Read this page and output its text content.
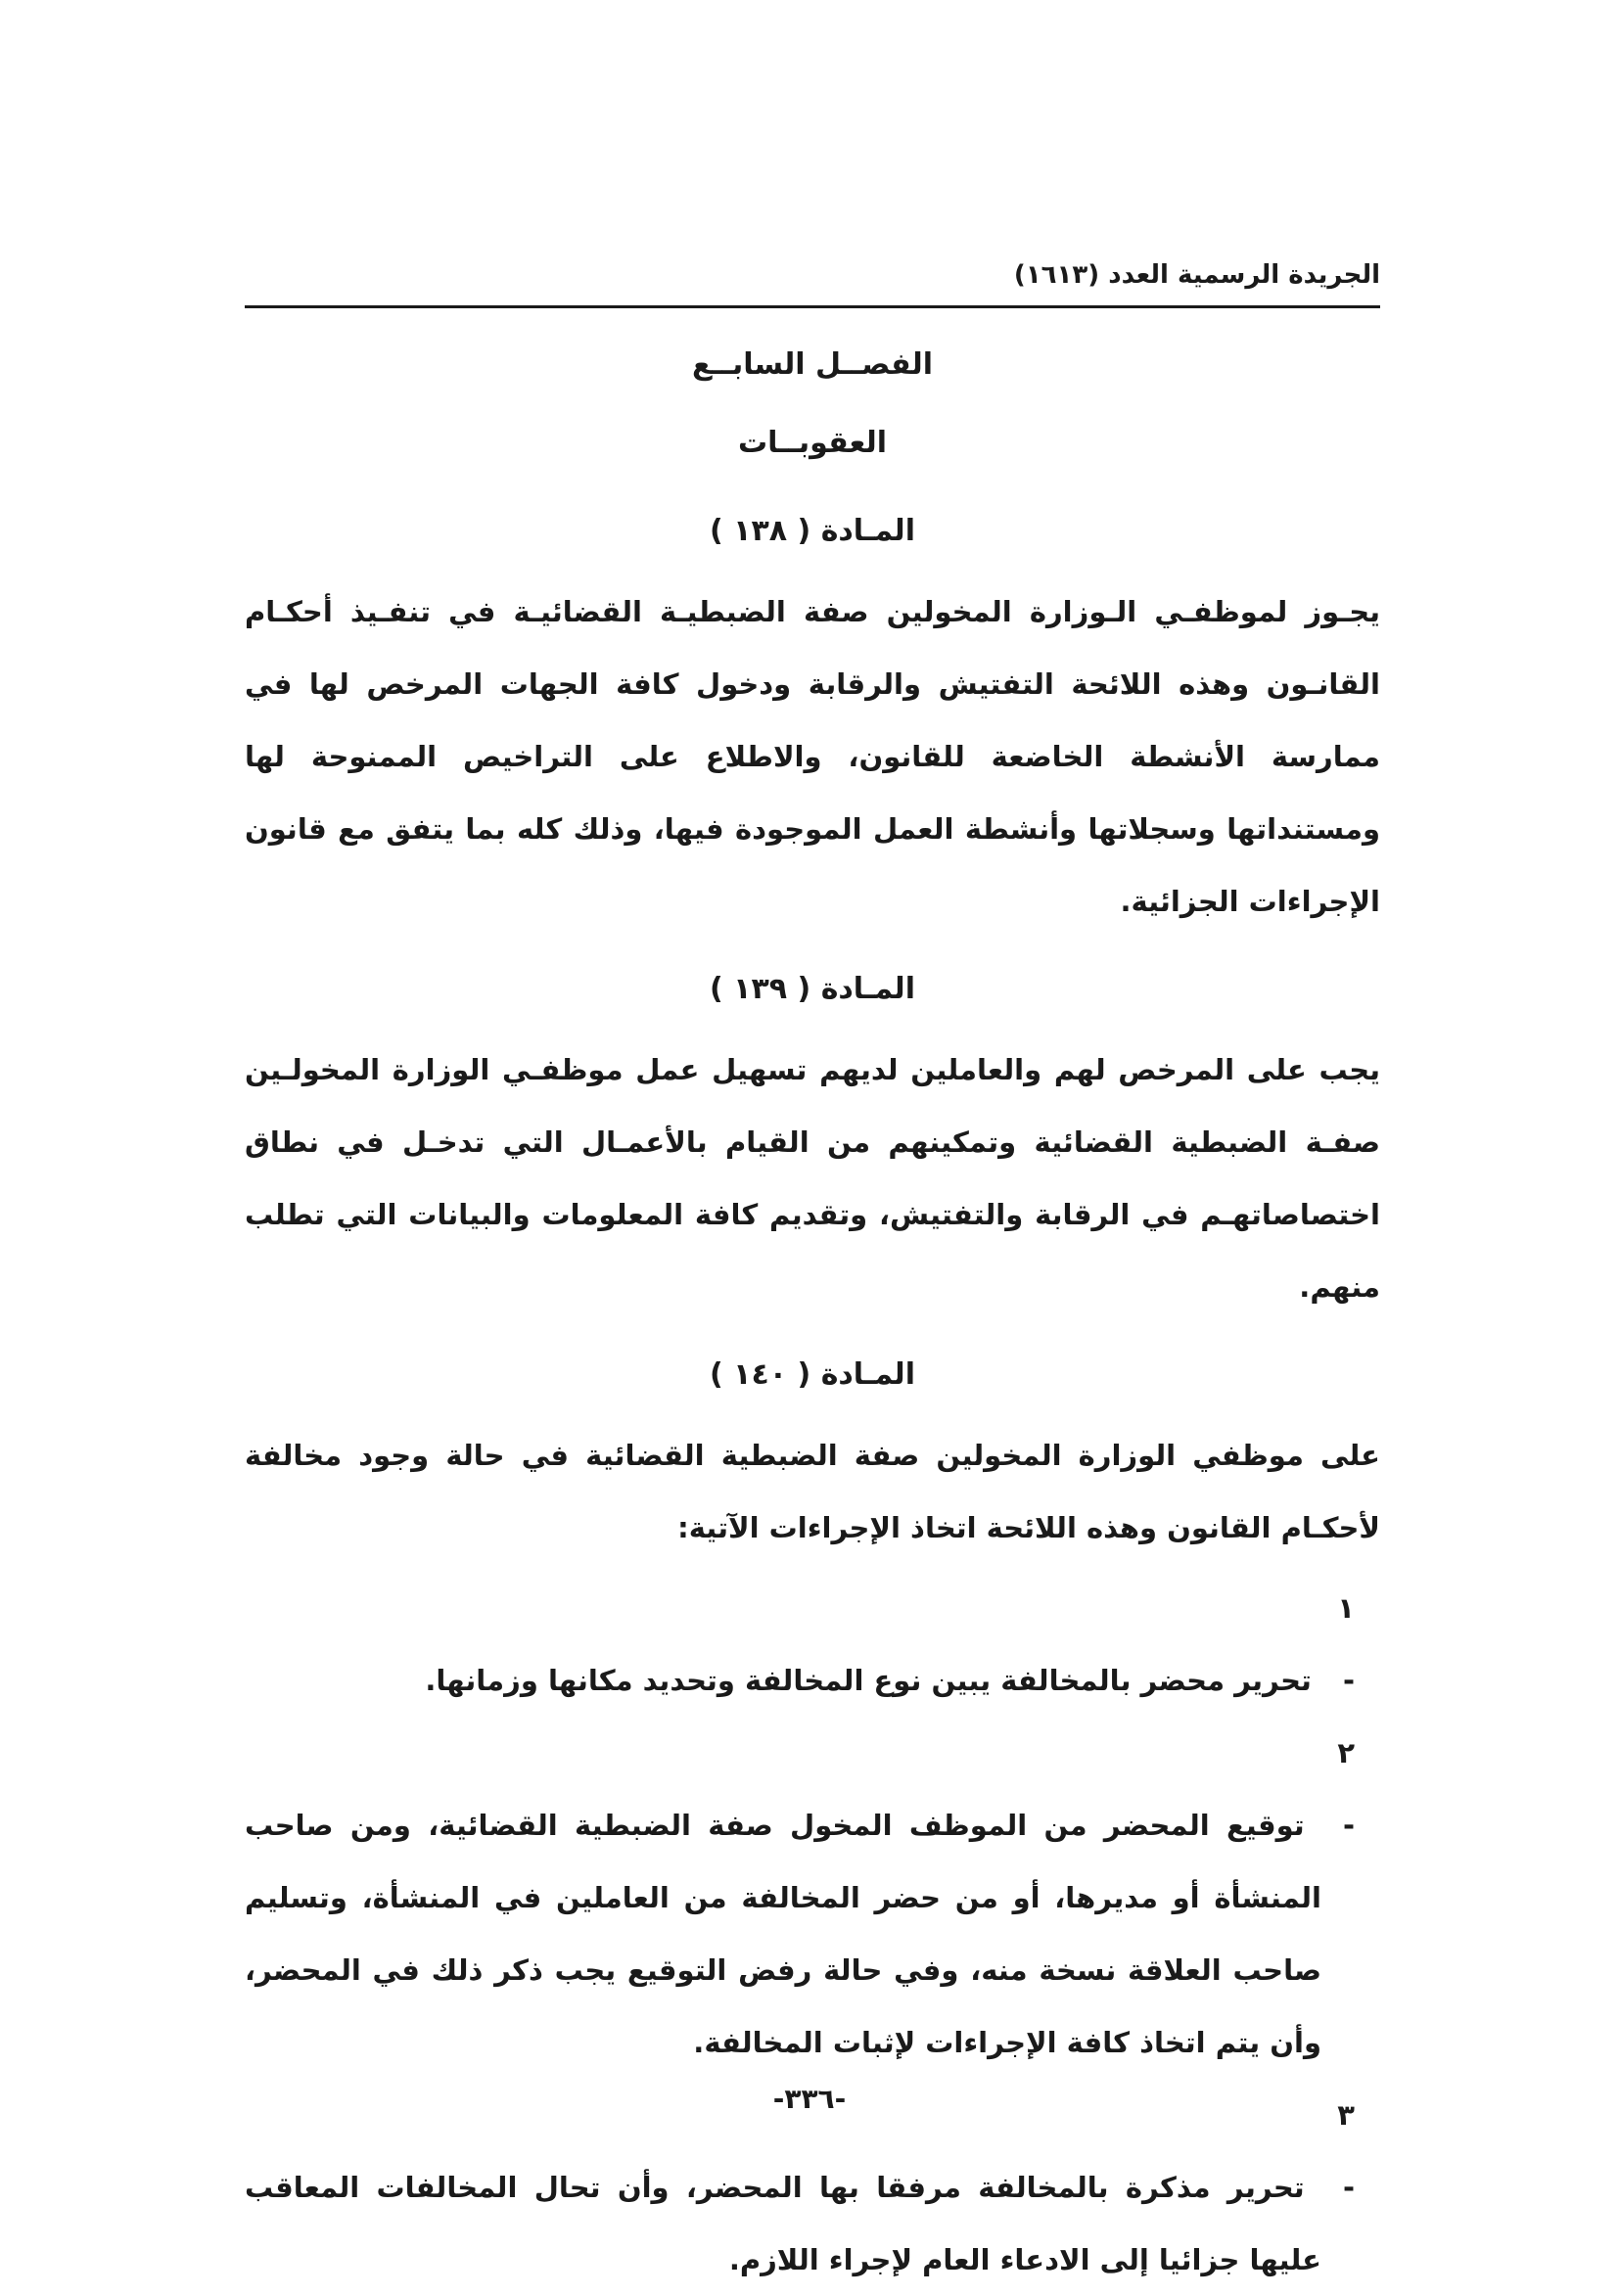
الجريدة الرسمية العدد (١٦١٣)
الفصــل السابــع
العقوبــات
المـادة ( ١٣٨ )

يجـوز لموظفـي الـوزارة المخولين صفة الضبطيـة القضائيـة في تنفـيذ أحكـام القانـون وهذه اللائحة التفتيش والرقابة ودخول كافة الجهات المرخص لها في ممارسة الأنشطة الخاضعة للقانون، والاطلاع على التراخيص الممنوحة لها ومستنداتها وسجلاتها وأنشطة العمل الموجودة فيها، وذلك كله بما يتفق مع قانون الإجراءات الجزائية.

المـادة ( ١٣٩ )

يجب على المرخص لهم والعاملين لديهم تسهيل عمل موظفـي الوزارة المخولـين صفـة الضبطية القضائية وتمكينهم من القيام بالأعمـال التي تدخـل في نطاق اختصاصاتهـم في الرقابة والتفتيش، وتقديم كافة المعلومات والبيانات التي تطلب منهم.

المـادة ( ١٤٠ )

على موظفي الوزارة المخولين صفة الضبطية القضائية في حالة وجود مخالفة لأحكـام القانون وهذه اللائحة اتخاذ الإجراءات الآتية:

١ - تحرير محضر بالمخالفة يبين نوع المخالفة وتحديد مكانها وزمانها.

٢ - توقيع المحضر من الموظف المخول صفة الضبطية القضائية، ومن صاحب المنشأة أو مديرها، أو من حضر المخالفة من العاملين في المنشأة، وتسليم صاحب العلاقة نسخة منه، وفي حالة رفض التوقيع يجب ذكر ذلك في المحضر، وأن يتم اتخاذ كافة الإجراءات لإثبات المخالفة.

٣ - تحرير مذكرة بالمخالفة مرفقا بها المحضر، وأن تحال المخالفات المعاقب عليها جزائيا إلى الادعاء العام لإجراء اللازم.

-٣٣٦-
